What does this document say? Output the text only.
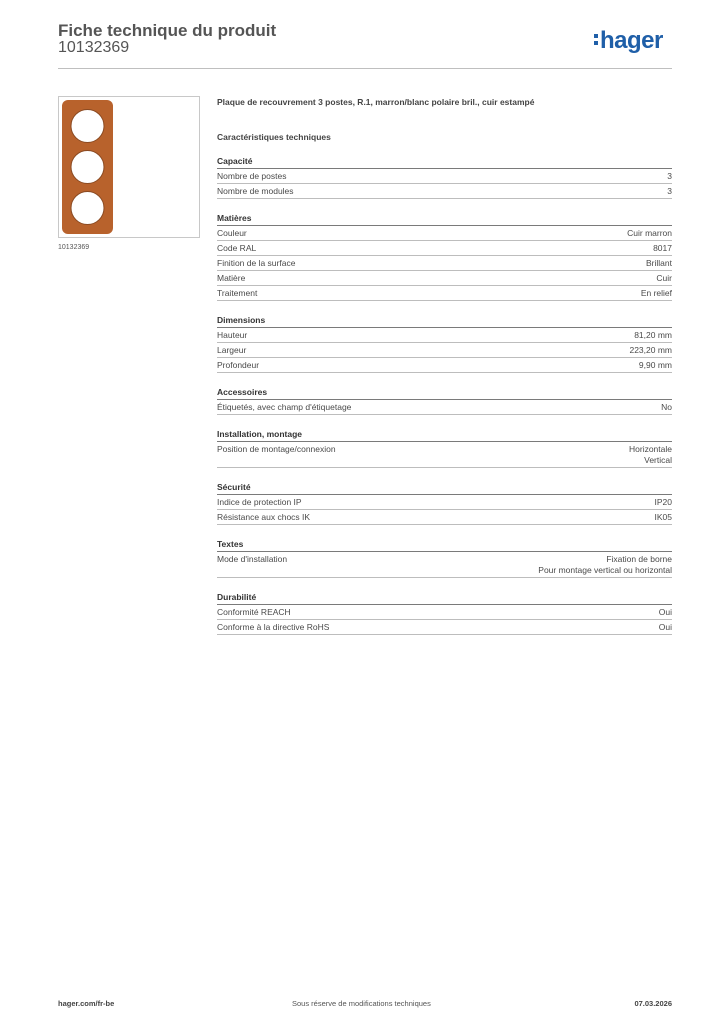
Fiche technique du produit
10132369	hager
10132369
Plaque de recouvrement 3 postes, R.1, marron/blanc polaire bril., cuir estampé
Caractéristiques techniques
Capacité
Nombre de postes	3
Nombre de modules	3
Matières
Couleur	Cuir marron
Code RAL	8017
Finition de la surface	Brillant
Matière	Cuir
Traitement	En relief
Dimensions
Hauteur	81,20 mm
Largeur	223,20 mm
Profondeur	9,90 mm
Accessoires
Étiquetés, avec champ d'étiquetage	No
Installation, montage
Position de montage/connexion	Horizontale
Vertical
Sécurité
Indice de protection IP	IP20
Résistance aux chocs IK	IK05
Textes
Mode d'installation	Fixation de borne
Pour montage vertical ou horizontal
Durabilité
Conformité REACH	Oui
Conforme à la directive RoHS	Oui
hager.com/fr-be	Sous réserve de modifications techniques	07.03.2026
